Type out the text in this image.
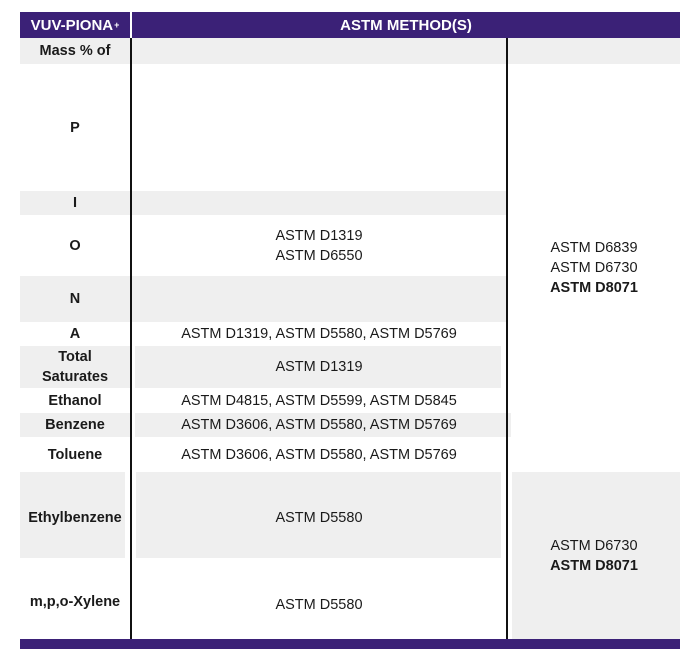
VUV-PIONA +	ASTM METHOD(S)
Mass % of
P
I
O
N
A
Total
Saturates
Ethanol
Benzene
Toluene
Ethylbenzene
m,p,o-Xylene
ASTM D1319
ASTM D6550
ASTM D1319, ASTM D5580, ASTM D5769
ASTM D1319
ASTM D4815, ASTM D5599, ASTM D5845
ASTM D3606, ASTM D5580, ASTM D5769
ASTM D3606, ASTM D5580, ASTM D5769
ASTM D5580
ASTM D5580
ASTM D6839
ASTM D6730
ASTM D8071
ASTM D6730
ASTM D8071
